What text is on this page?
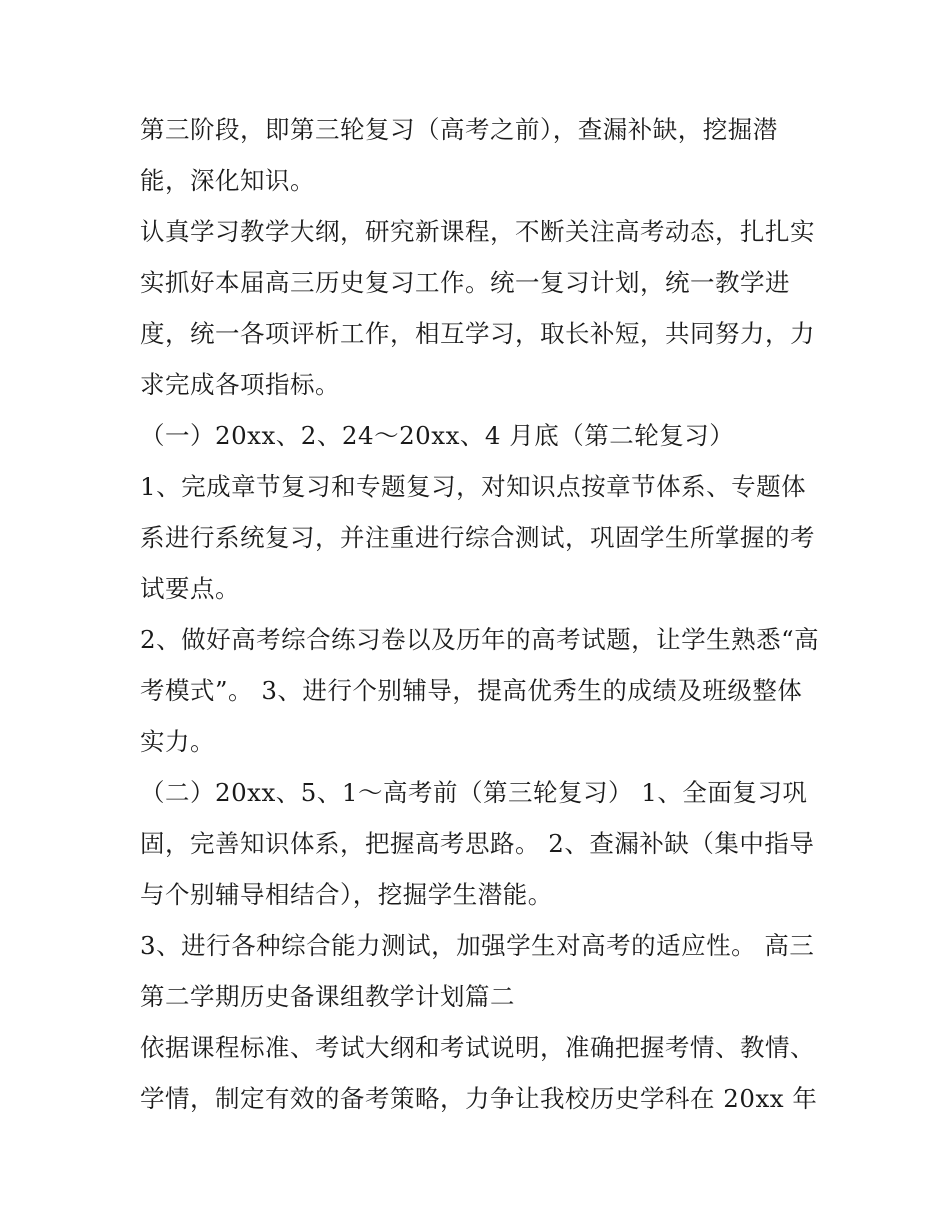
第三阶段，即第三轮复习（高考之前），查漏补缺，挖掘潜
能，深化知识。
认真学习教学大纲，研究新课程，不断关注高考动态，扎扎实
实抓好本届高三历史复习工作。统一复习计划，统一教学进
度，统一各项评析工作，相互学习，取长补短，共同努力，力
求完成各项指标。
（一）20xx、2、24～20xx、4 月底（第二轮复习）
1、完成章节复习和专题复习，对知识点按章节体系、专题体
系进行系统复习，并注重进行综合测试，巩固学生所掌握的考
试要点。
2、做好高考综合练习卷以及历年的高考试题，让学生熟悉“高
考模式”。 3、进行个别辅导，提高优秀生的成绩及班级整体
实力。
（二）20xx、5、1～高考前（第三轮复习） 1、全面复习巩
固，完善知识体系，把握高考思路。 2、查漏补缺（集中指导
与个别辅导相结合），挖掘学生潜能。
3、进行各种综合能力测试，加强学生对高考的适应性。 高三
第二学期历史备课组教学计划篇二
依据课程标准、考试大纲和考试说明，准确把握考情、教情、
学情，制定有效的备考策略，力争让我校历史学科在 20xx 年
